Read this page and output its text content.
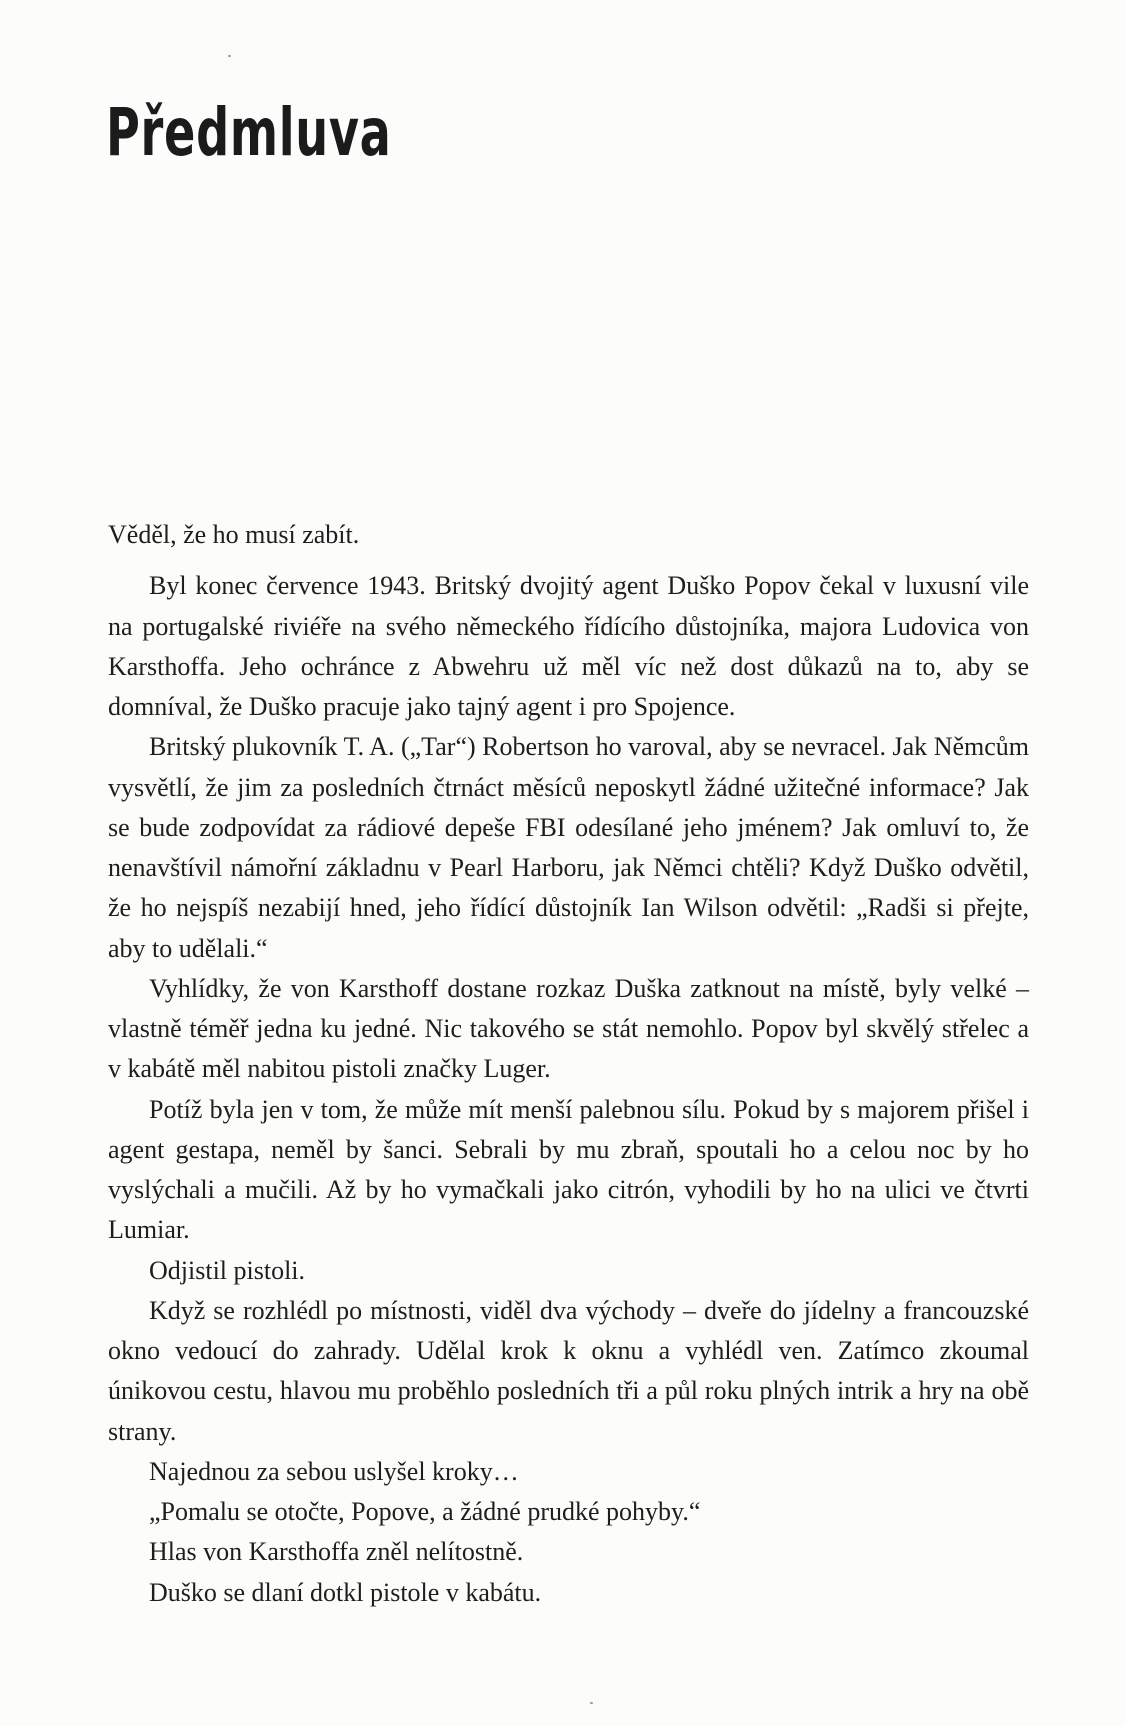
Předmluva

Věděl, že ho musí zabít.

Byl konec července 1943. Britský dvojitý agent Duško Popov čekal v luxusní vile na portugalské riviéře na svého německého řídícího důstojníka, majora Ludovica von Karsthoffa. Jeho ochránce z Abwehru už měl víc než dost důkazů na to, aby se domníval, že Duško pracuje jako tajný agent i pro Spojence.

Britský plukovník T. A. („Tar“) Robertson ho varoval, aby se nevracel. Jak Němcům vysvětlí, že jim za posledních čtrnáct měsíců neposkytl žádné užitečné informace? Jak se bude zodpovídat za rádiové depeše FBI odesílané jeho jménem? Jak omluví to, že nenavštívil námořní základnu v Pearl Harboru, jak Němci chtěli? Když Duško odvětil, že ho nejspíš nezabijí hned, jeho řídící důstojník Ian Wilson odvětil: „Radši si přejte, aby to udělali.“

Vyhlídky, že von Karsthoff dostane rozkaz Duška zatknout na místě, byly velké – vlastně téměř jedna ku jedné. Nic takového se stát nemohlo. Popov byl skvělý střelec a v kabátě měl nabitou pistoli značky Luger.

Potíž byla jen v tom, že může mít menší palebnou sílu. Pokud by s majorem přišel i agent gestapa, neměl by šanci. Sebrali by mu zbraň, spoutali ho a celou noc by ho vyslýchali a mučili. Až by ho vymačkali jako citrón, vyhodili by ho na ulici ve čtvrti Lumiar.

Odjistil pistoli.

Když se rozhlédl po místnosti, viděl dva východy – dveře do jídelny a francouzské okno vedoucí do zahrady. Udělal krok k oknu a vyhlédl ven. Zatímco zkoumal únikovou cestu, hlavou mu proběhlo posledních tři a půl roku plných intrik a hry na obě strany.

Najednou za sebou uslyšel kroky…

„Pomalu se otočte, Popove, a žádné prudké pohyby.“

Hlas von Karsthoffa zněl nelítostně.

Duško se dlaní dotkl pistole v kabátu.
